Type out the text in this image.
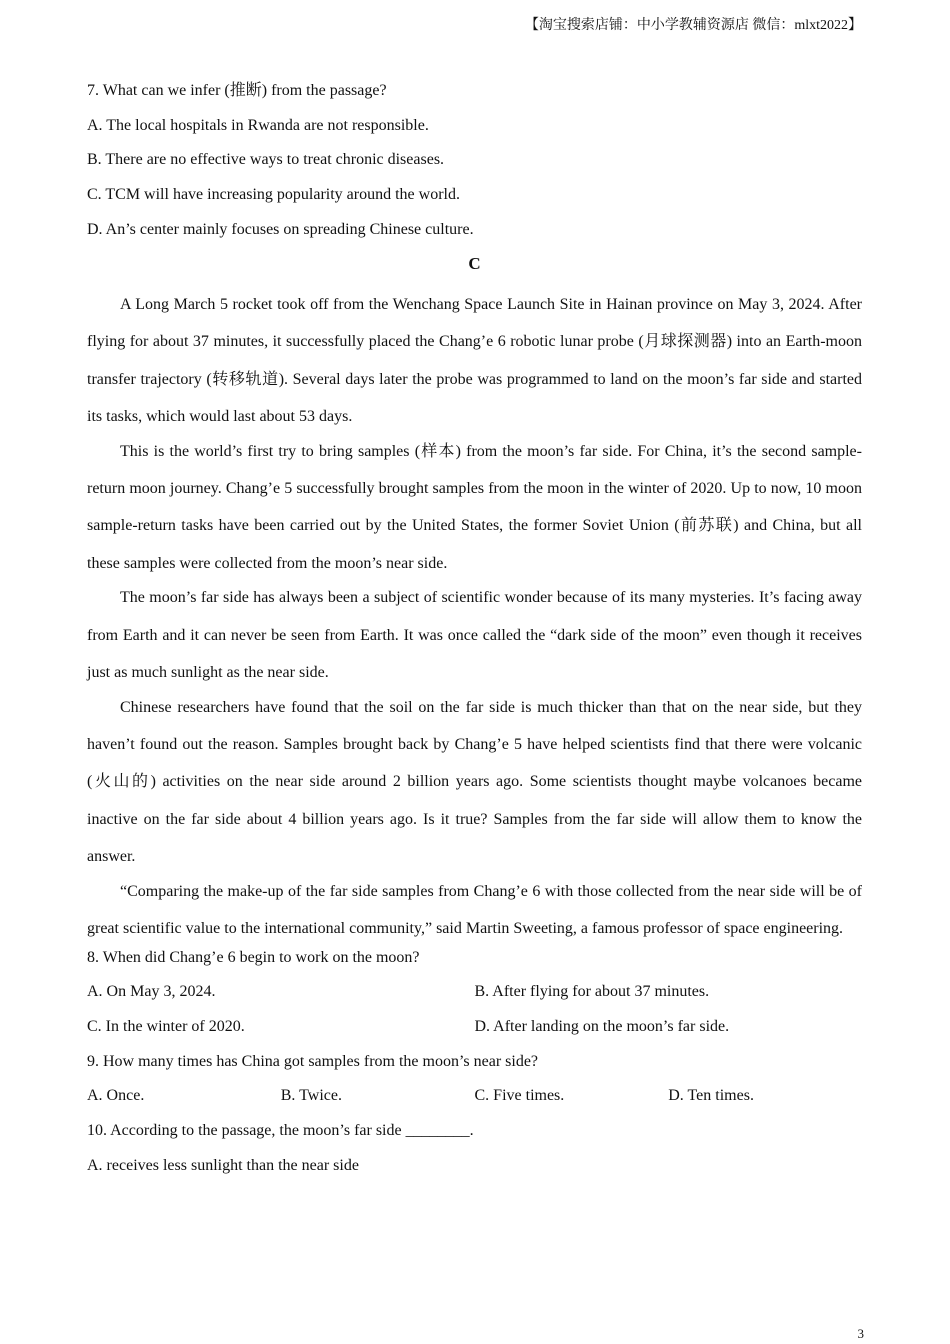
【淘宝搜索店铺：中小学教辅资源店 微信：mlxt2022】
7. What can we infer (推断) from the passage?
A. The local hospitals in Rwanda are not responsible.
B. There are no effective ways to treat chronic diseases.
C. TCM will have increasing popularity around the world.
D. An’s center mainly focuses on spreading Chinese culture.
C

A Long March 5 rocket took off from the Wenchang Space Launch Site in Hainan province on May 3, 2024. After flying for about 37 minutes, it successfully placed the Chang’e 6 robotic lunar probe (月球探测器) into an Earth-moon transfer trajectory (转移轨道). Several days later the probe was programmed to land on the moon’s far side and started its tasks, which would last about 53 days.

This is the world’s first try to bring samples (样本) from the moon’s far side. For China, it’s the second sample-return moon journey. Chang’e 5 successfully brought samples from the moon in the winter of 2020. Up to now, 10 moon sample-return tasks have been carried out by the United States, the former Soviet Union (前苏联) and China, but all these samples were collected from the moon’s near side.

The moon’s far side has always been a subject of scientific wonder because of its many mysteries. It’s facing away from Earth and it can never be seen from Earth. It was once called the “dark side of the moon” even though it receives just as much sunlight as the near side.

Chinese researchers have found that the soil on the far side is much thicker than that on the near side, but they haven’t found out the reason. Samples brought back by Chang’e 5 have helped scientists find that there were volcanic (火山的) activities on the near side around 2 billion years ago. Some scientists thought maybe volcanoes became inactive on the far side about 4 billion years ago. Is it true? Samples from the far side will allow them to know the answer.

“Comparing the make-up of the far side samples from Chang’e 6 with those collected from the near side will be of great scientific value to the international community,” said Martin Sweeting, a famous professor of space engineering.

8. When did Chang’e 6 begin to work on the moon?
A. On May 3, 2024.	B. After flying for about 37 minutes.
C. In the winter of 2020.	D. After landing on the moon’s far side.
9. How many times has China got samples from the moon’s near side?
A. Once.	B. Twice.	C. Five times.	D. Ten times.
10. According to the passage, the moon’s far side ________.
A. receives less sunlight than the near side
3
